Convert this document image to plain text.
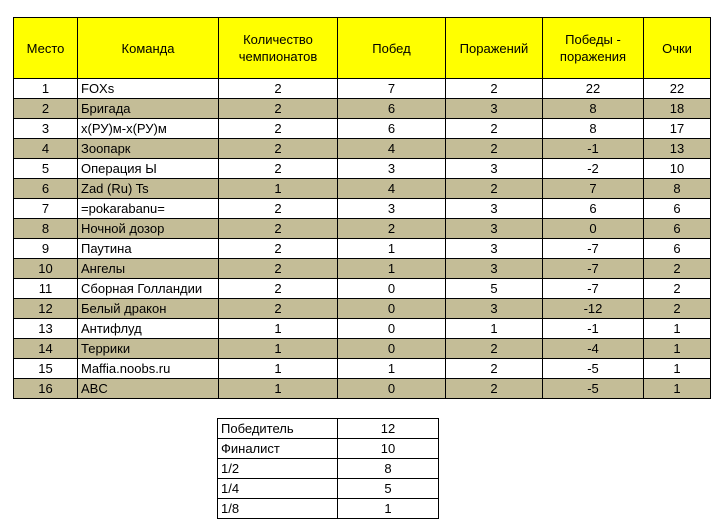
Место	Команда	Количество чемпионатов	Побед	Поражений	Победы - поражения	Очки
1	FOXs	2	7	2	22	22
2	Бригада	2	6	3	8	18
3	х(РУ)м-х(РУ)м	2	6	2	8	17
4	Зоопарк	2	4	2	-1	13
5	Операция Ы	2	3	3	-2	10
6	Zad (Ru) Ts	1	4	2	7	8
7	=pokarabanu=	2	3	3	6	6
8	Ночной дозор	2	2	3	0	6
9	Паутина	2	1	3	-7	6
10	Ангелы	2	1	3	-7	2
11	Сборная Голландии	2	0	5	-7	2
12	Белый дракон	2	0	3	-12	2
13	Антифлуд	1	0	1	-1	1
14	Террики	1	0	2	-4	1
15	Maffia.noobs.ru	1	1	2	-5	1
16	ABC	1	0	2	-5	1
Победитель	12
Финалист	10
1/2	8
1/4	5
1/8	1
